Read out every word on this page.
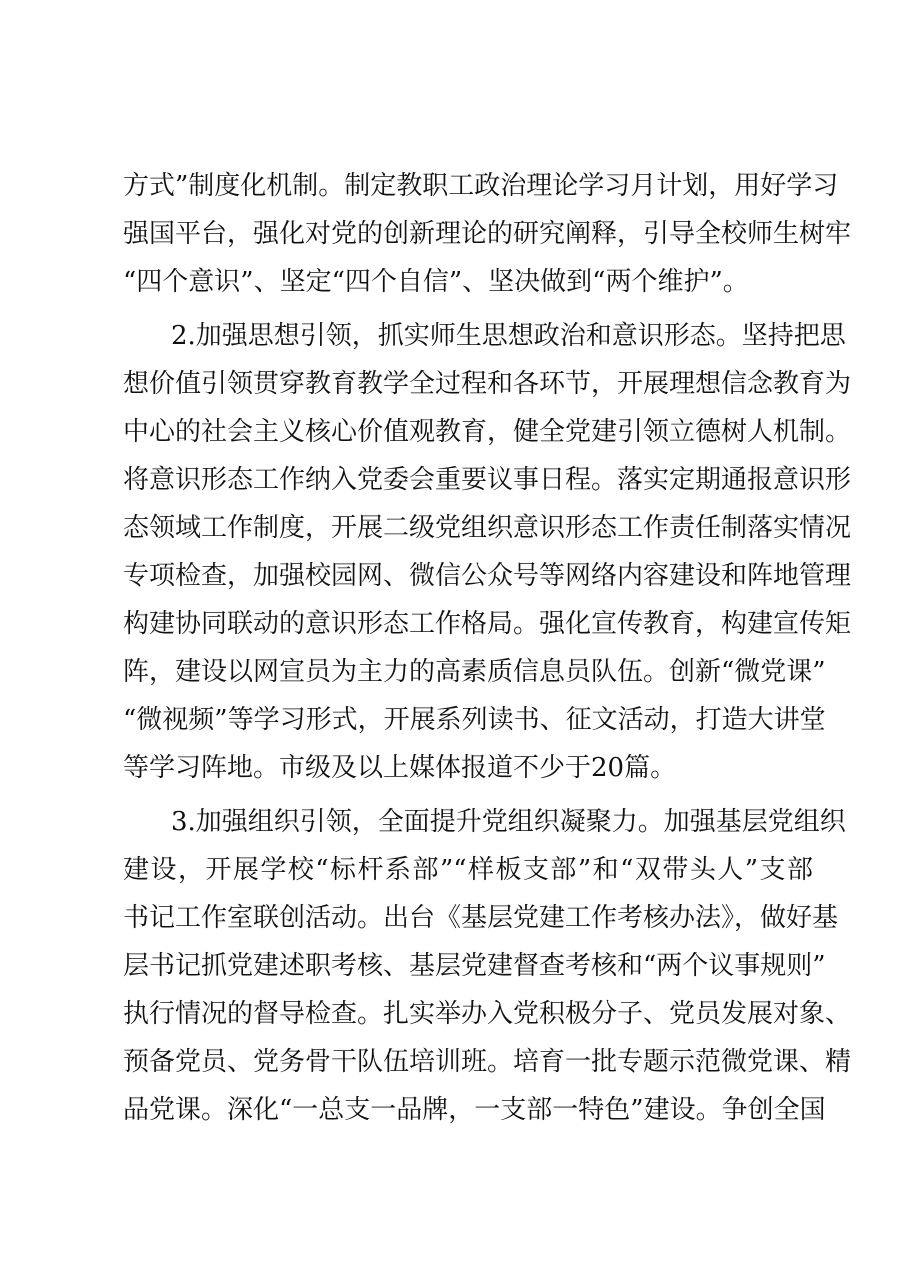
方式”制度化机制。制定教职工政治理论学习月计划，用好学习
强国平台，强化对党的创新理论的研究阐释，引导全校师生树牢
“四个意识”、坚定“四个自信”、坚决做到“两个维护”。
2.加强思想引领，抓实师生思想政治和意识形态。坚持把思
想价值引领贯穿教育教学全过程和各环节，开展理想信念教育为
中心的社会主义核心价值观教育，健全党建引领立德树人机制。
将意识形态工作纳入党委会重要议事日程。落实定期通报意识形
态领域工作制度，开展二级党组织意识形态工作责任制落实情况
专项检查，加强校园网、微信公众号等网络内容建设和阵地管理
构建协同联动的意识形态工作格局。强化宣传教育，构建宣传矩
阵，建设以网宣员为主力的高素质信息员队伍。创新“微党课”
“微视频”等学习形式，开展系列读书、征文活动，打造大讲堂
等学习阵地。市级及以上媒体报道不少于20篇。
3.加强组织引领，全面提升党组织凝聚力。加强基层党组织
建设，开展学校“标杆系部”“样板支部”和“双带头人”支部
书记工作室联创活动。出台《基层党建工作考核办法》，做好基
层书记抓党建述职考核、基层党建督查考核和“两个议事规则”
执行情况的督导检查。扎实举办入党积极分子、党员发展对象、
预备党员、党务骨干队伍培训班。培育一批专题示范微党课、精
品党课。深化“一总支一品牌，一支部一特色”建设。争创全国
